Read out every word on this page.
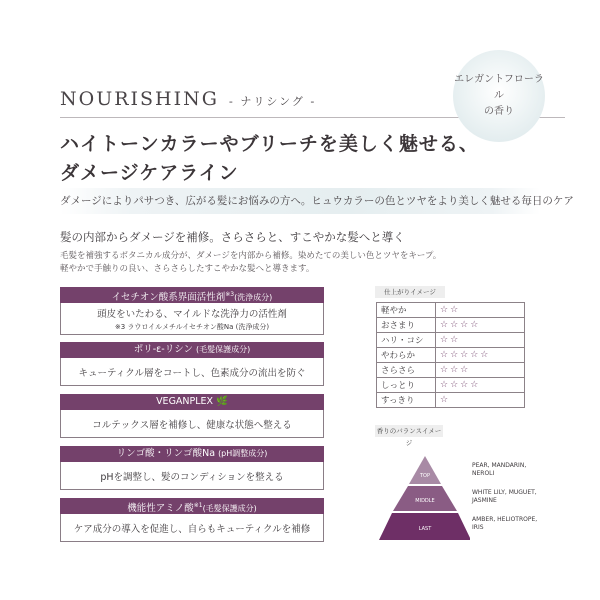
NOURISHING - ナリシング -
エレガントフローラル
の香り
ハイトーンカラーやブリーチを美しく魅せる、
ダメージケアライン
ダメージによりパサつき、広がる髪にお悩みの方へ。ヒュウカラーの色とツヤをより美しく魅せる毎日のケア
髪の内部からダメージを補修。さらさらと、すこやかな髪へと導く
毛髪を補強するボタニカル成分が、ダメージを内部から補修。染めたての美しい色とツヤをキープ。
軽やかで手触りの良い、さらさらしたすこやかな髪へと導きます。
イセチオン酸系界面活性剤$^{※3}$(洗浄成分)
頭皮をいたわる、マイルドな洗浄力の活性剤
※3 ラウロイルメチルイセチオン酸Na (洗浄成分)
ポリ-ε-リシン (毛髪保護成分)
キューティクル層をコートし、色素成分の流出を防ぐ
VEGANPLEX 🌿
コルテックス層を補修し、健康な状態へ整える
リンゴ酸・リンゴ酸Na (pH調整成分)
pHを調整し、髪のコンディションを整える
機能性アミノ酸$^{※1}$(毛髪保護成分)
ケア成分の導入を促進し、自らもキューティクルを補修
仕上がりイメージ
軽やか	☆☆
おさまり	☆☆☆☆
ハリ・コシ	☆☆
やわらか	☆☆☆☆☆
さらさら	☆☆☆
しっとり	☆☆☆☆
すっきり	☆
香りのバランスイメージ
TOP
MIDDLE
LAST
PEAR, MANDARIN,
NEROLI
WHITE LILY, MUGUET,
JASMINE
AMBER, HELIOTROPE,
IRIS
